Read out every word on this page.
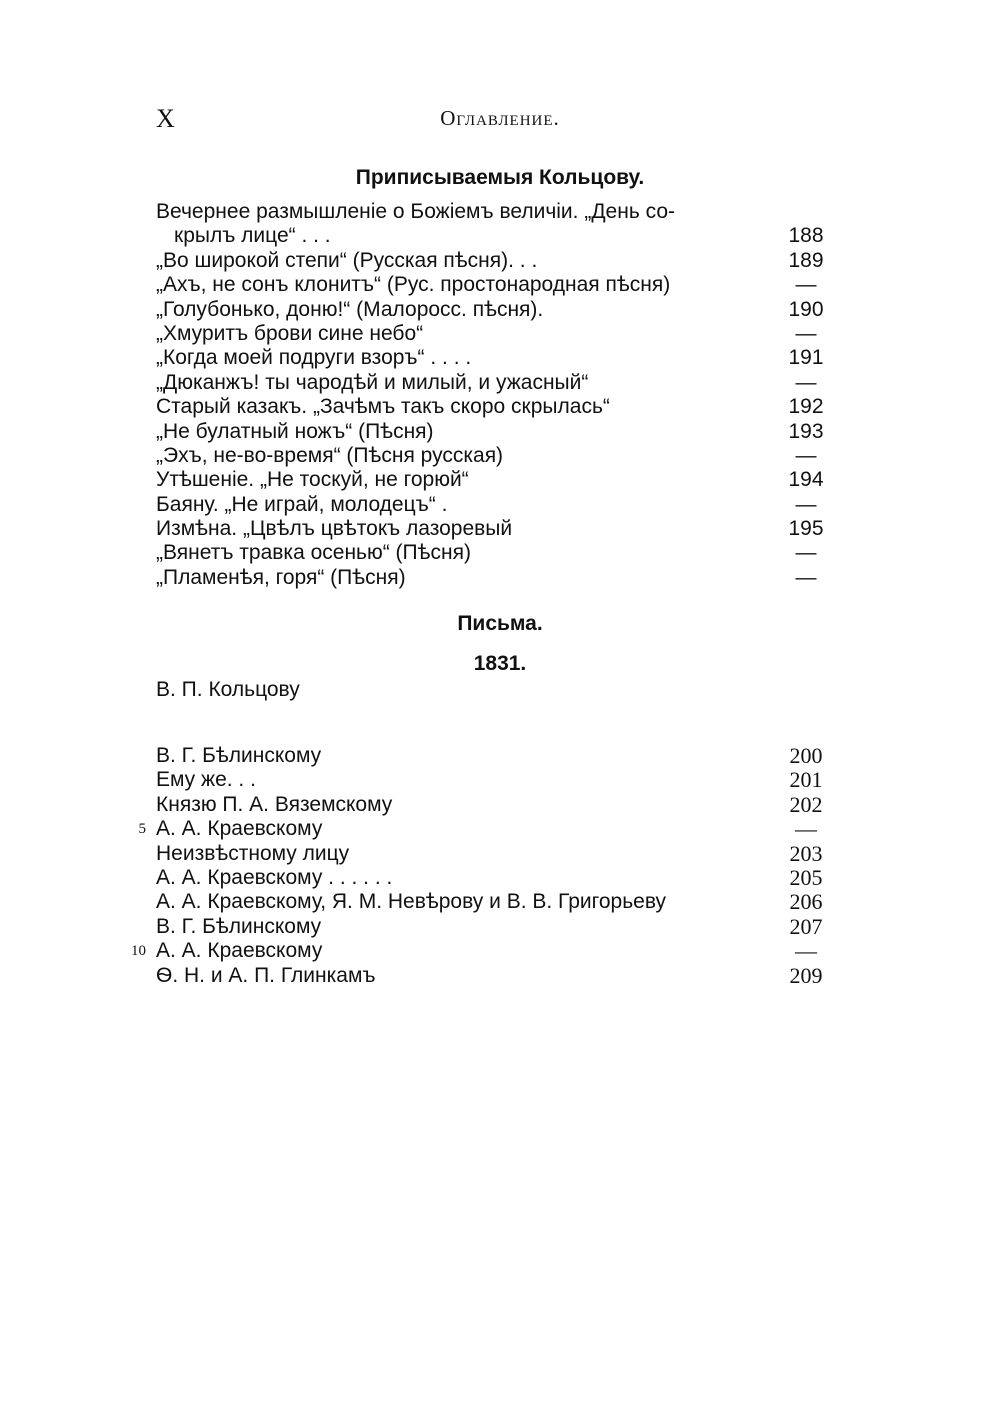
X	Оглавление.
Приписываемыя Кольцову.
Вечернее размышленіе о Божіемъ величіи. „День со-
крылъ лице“ . . .	188
„Во широкой степи“ (Русская пѣсня). . .	189
„Ахъ, не сонъ клонитъ“ (Рус. простонародная пѣсня)	—
„Голубонько, доню!“ (Малоросс. пѣсня).	190
„Хмуритъ брови сине небо“	—
„Когда моей подруги взоръ“ . . . .	191
„Дюканжъ! ты чародѣй и милый, и ужасный“	—
Старый казакъ. „Зачѣмъ такъ скоро скрылась“	192
„Не булатный ножъ“ (Пѣсня)	193
„Эхъ, не-во-время“ (Пѣсня русская)	—
Утѣшеніе. „Не тоскуй, не горюй“	194
Баяну. „Не играй, молодецъ“ .	—
Измѣна. „Цвѣлъ цвѣтокъ лазоревый	195
„Вянетъ травка осенью“ (Пѣсня)	—
„Пламенѣя, горя“ (Пѣсня)	—
Письма.
1831.
В. П. Кольцову
В. Г. Бѣлинскому	200
Ему же. . .	201
Князю П. А. Вяземскому	202
5 А. А. Краевскому	—
Неизвѣстному лицу	203
А. А. Краевскому . . . . . .	205
А. А. Краевскому, Я. М. Невѣрову и В. В. Григорьеву	206
В. Г. Бѣлинскому	207
10 А. А. Краевскому	—
Ѳ. Н. и А. П. Глинкамъ	209
